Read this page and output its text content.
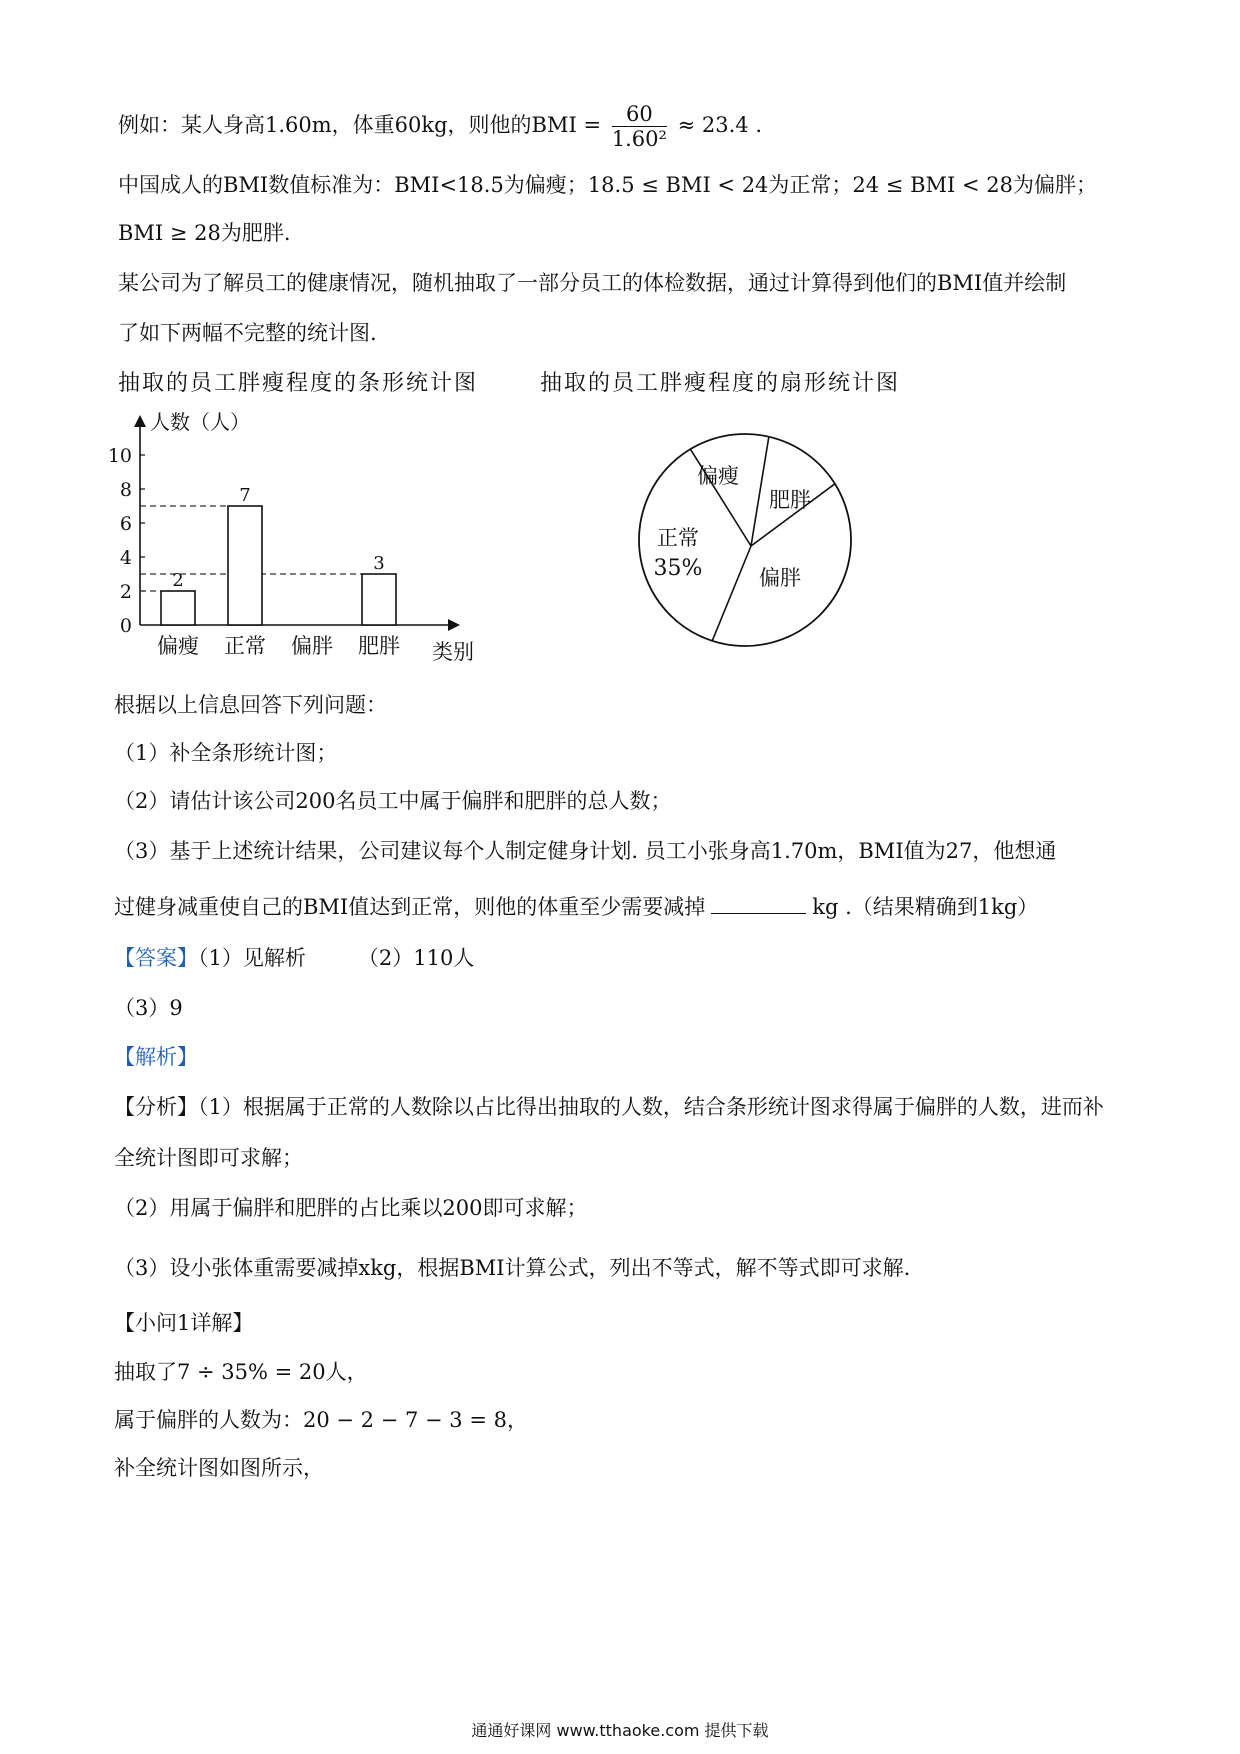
例如：某人身高1.60m，体重60kg，则他的BMI = $\frac{60}{\text{1.60²}} \approx 23.4$ .
中国成人的BMI数值标准为：BMI<18.5为偏瘦；18.5 ≤ BMI < 24为正常；24 ≤ BMI < 28为偏胖；
BMI ≥ 28为肥胖.
某公司为了解员工的健康情况，随机抽取了一部分员工的体检数据，通过计算得到他们的BMI值并绘制
了如下两幅不完整的统计图.
抽取的员工胖瘦程度的条形统计图	抽取的员工胖瘦程度的扇形统计图
人数（人）
0
2
4
6
8
10
2
偏瘦
7
正常 偏胖
3
肥胖 类别
偏瘦
肥胖
偏胖
正常
35%
根据以上信息回答下列问题：
（1）补全条形统计图；
（2）请估计该公司200名员工中属于偏胖和肥胖的总人数；
（3）基于上述统计结果，公司建议每个人制定健身计划. 员工小张身高1.70m，BMI值为27，他想通
过健身减重使自己的BMI值达到正常，则他的体重至少需要减掉	kg .（结果精确到1kg）
【答案】（1）见解析 （2）110人
（3）9
【解析】
【分析】（1）根据属于正常的人数除以占比得出抽取的人数，结合条形统计图求得属于偏胖的人数，进而补
全统计图即可求解；
（2）用属于偏胖和肥胖的占比乘以200即可求解；
（3）设小张体重需要减掉xkg，根据BMI计算公式，列出不等式，解不等式即可求解.
【小问1详解】
抽取了7 ÷ 35% = 20人，
属于偏胖的人数为：20 − 2 − 7 − 3 = 8，
补全统计图如图所示，
通通好课网 www.tthaoke.com 提供下载
